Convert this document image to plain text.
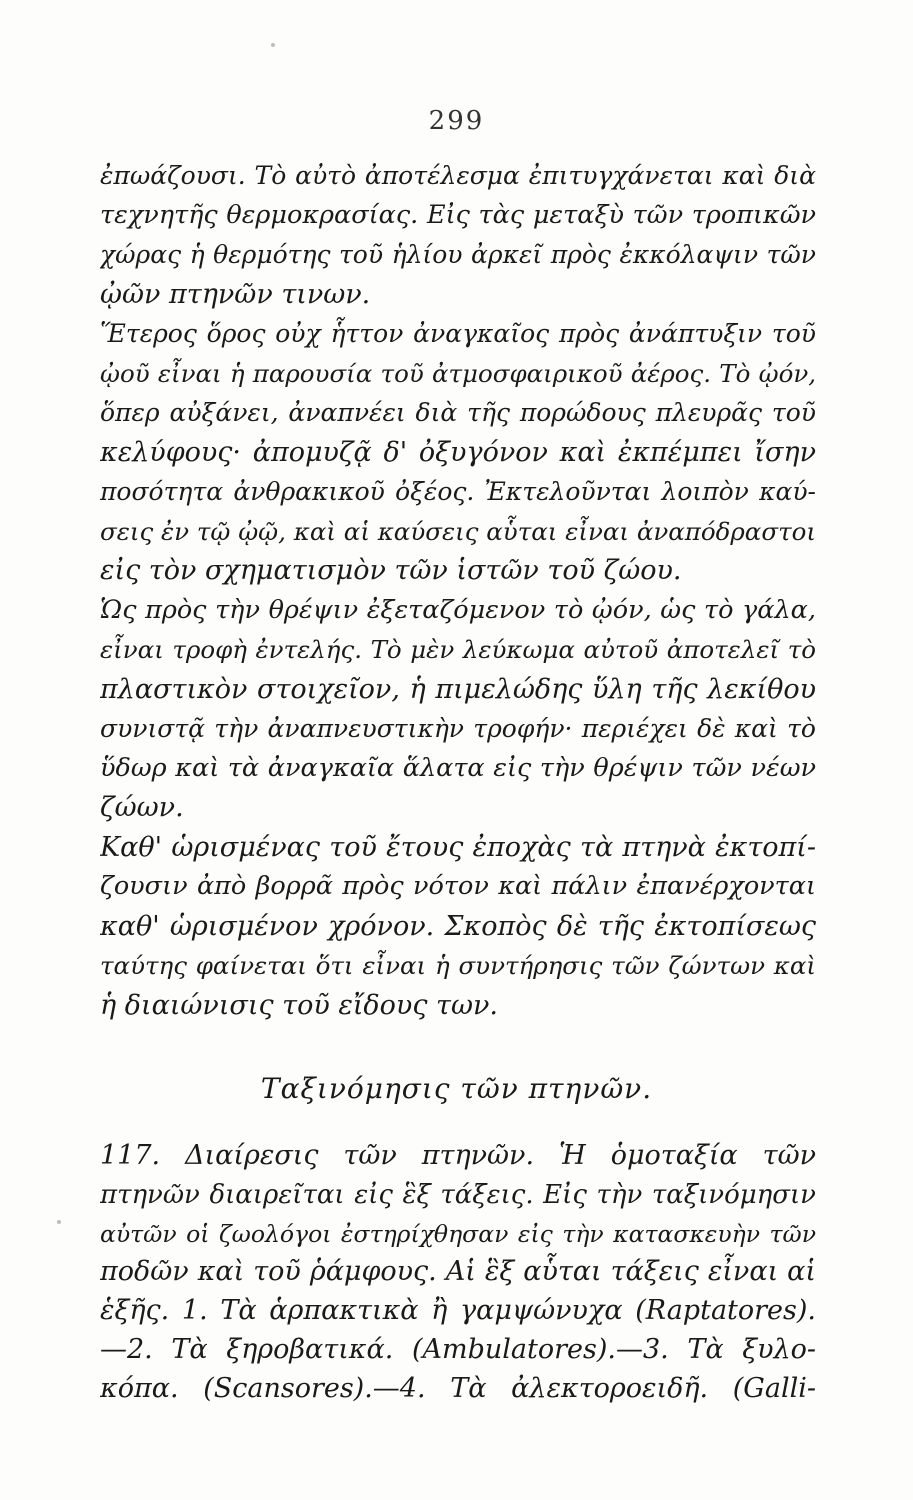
299
ἐπωάζουσι. Τὸ αὐτὸ ἀποτέλεσμα ἐπιτυγχάνεται καὶ διὰ
τεχνητῆς θερμοκρασίας. Εἰς τὰς μεταξὺ τῶν τροπικῶν
χώρας ἡ θερμότης τοῦ ἡλίου ἀρκεῖ πρὸς ἐκκόλαψιν τῶν
ᾠῶν πτηνῶν τινων.
Ἕτερος ὅρος οὐχ ἧττον ἀναγκαῖος πρὸς ἀνάπτυξιν τοῦ
ᾠοῦ εἶναι ἡ παρουσία τοῦ ἀτμοσφαιρικοῦ ἀέρος. Τὸ ᾠόν,
ὅπερ αὐξάνει, ἀναπνέει διὰ τῆς πορώδους πλευρᾶς τοῦ
κελύφους· ἀπομυζᾷ δ' ὀξυγόνον καὶ ἐκπέμπει ἴσην
ποσότητα ἀνθρακικοῦ ὀξέος. Ἐκτελοῦνται λοιπὸν καύ-
σεις ἐν τῷ ᾠῷ, καὶ αἱ καύσεις αὗται εἶναι ἀναπόδραστοι
εἰς τὸν σχηματισμὸν τῶν ἱστῶν τοῦ ζώου.
Ὡς πρὸς τὴν θρέψιν ἐξεταζόμενον τὸ ᾠόν, ὡς τὸ γάλα,
εἶναι τροφὴ ἐντελής. Τὸ μὲν λεύκωμα αὐτοῦ ἀποτελεῖ τὸ
πλαστικὸν στοιχεῖον, ἡ πιμελώδης ὕλη τῆς λεκίθου
συνιστᾷ τὴν ἀναπνευστικὴν τροφήν· περιέχει δὲ καὶ τὸ
ὕδωρ καὶ τὰ ἀναγκαῖα ἅλατα εἰς τὴν θρέψιν τῶν νέων
ζώων.
Καθ' ὡρισμένας τοῦ ἔτους ἐποχὰς τὰ πτηνὰ ἐκτοπί-
ζουσιν ἀπὸ βορρᾶ πρὸς νότον καὶ πάλιν ἐπανέρχονται
καθ' ὡρισμένον χρόνον. Σκοπὸς δὲ τῆς ἐκτοπίσεως
ταύτης φαίνεται ὅτι εἶναι ἡ συντήρησις τῶν ζώντων καὶ
ἡ διαιώνισις τοῦ εἴδους των.
Ταξινόμησις τῶν πτηνῶν.
117. Διαίρεσις τῶν πτηνῶν. Ἡ ὁμοταξία τῶν
πτηνῶν διαιρεῖται εἰς ἓξ τάξεις. Εἰς τὴν ταξινόμησιν
αὐτῶν οἱ ζωολόγοι ἐστηρίχθησαν εἰς τὴν κατασκευὴν τῶν
ποδῶν καὶ τοῦ ῥάμφους. Αἱ ἓξ αὗται τάξεις εἶναι αἱ
ἑξῆς. 1. Τὰ ἁρπακτικὰ ἢ γαμψώνυχα (Raptatores).
—2. Τὰ ξηροβατικά. (Ambulatores).—3. Τὰ ξυλο-
κόπα. (Scansores).—4. Τὰ ἀλεκτοροειδῆ. (Galli-
